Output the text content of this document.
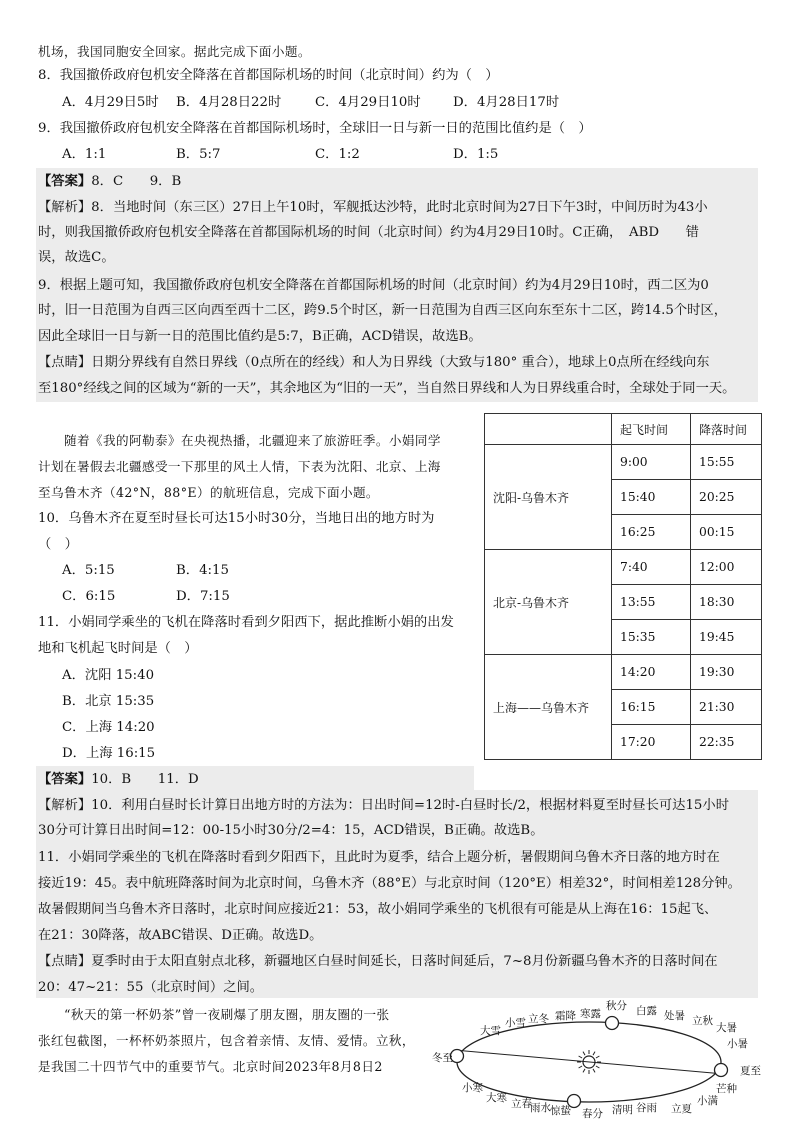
机场，我国同胞安全回家。据此完成下面小题。
8．我国撤侨政府包机安全降落在首都国际机场的时间（北京时间）约为（　）
A．4月29日5时 B．4月28日22时	C．4月29日10时 D．4月28日17时
9．我国撤侨政府包机安全降落在首都国际机场时，全球旧一日与新一日的范围比值约是（　）
A．1:1	B．5:7	C．1:2	D．1:5
【答案】8．C　　9．B
【解析】8．当地时间（东三区）27日上午10时，军舰抵达沙特，此时北京时间为27日下午3时，中间历时为43小
时，则我国撤侨政府包机安全降落在首都国际机场的时间（北京时间）约为4月29日10时。C正确，　ABD　　错
误，故选C。
9．根据上题可知，我国撤侨政府包机安全降落在首都国际机场的时间（北京时间）约为4月29日10时，西二区为0
时，旧一日范围为自西三区向西至西十二区，跨9.5个时区，新一日范围为自西三区向东至东十二区，跨14.5个时区，
因此全球旧一日与新一日的范围比值约是5:7，B正确，ACD错误，故选B。
【点睛】日期分界线有自然日界线（0点所在的经线）和人为日界线（大致与180° 重合），地球上0点所在经线向东
至180°经线之间的区域为“新的一天”，其余地区为“旧的一天”，当自然日界线和人为日界线重合时，全球处于同一天。
随着《我的阿勒泰》在央视热播，北疆迎来了旅游旺季。小娟同学
计划在暑假去北疆感受一下那里的风土人情，下表为沈阳、北京、上海
至乌鲁木齐（42°N，88°E）的航班信息，完成下面小题。
10．乌鲁木齐在夏至时昼长可达15小时30分，当地日出的地方时为
（　）
A．5:15	B．4:15
C．6:15	D．7:15
11．小娟同学乘坐的飞机在降落时看到夕阳西下，据此推断小娟的出发
地和飞机起飞时间是（　）
A．沈阳 15:40
B．北京 15:35
C．上海 14:20
D．上海 16:15
	起飞时间	降落时间
沈阳-乌鲁木齐	9:00	15:55
	15:40	20:25
	16:25	00:15
北京-乌鲁木齐	7:40	12:00
	13:55	18:30
	15:35	19:45
上海——乌鲁木齐	14:20	19:30
	16:15	21:30
	17:20	22:35
【答案】10．B　　11．D
【解析】10．利用白昼时长计算日出地方时的方法为：日出时间=12时-白昼时长/2，根据材料夏至时昼长可达15小时
30分可计算日出时间=12：00-15小时30分/2=4：15，ACD错误，B正确。故选B。
11．小娟同学乘坐的飞机在降落时看到夕阳西下，且此时为夏季，结合上题分析，暑假期间乌鲁木齐日落的地方时在
接近19：45。表中航班降落时间为北京时间，乌鲁木齐（88°E）与北京时间（120°E）相差32°，时间相差128分钟。
故暑假期间当乌鲁木齐日落时，北京时间应接近21：53，故小娟同学乘坐的飞机很有可能是从上海在16：15起飞、
在21：30降落，故ABC错误、D正确。故选D。
【点睛】夏季时由于太阳直射点北移，新疆地区白昼时间延长，日落时间延后，7~8月份新疆乌鲁木齐的日落时间在
20：47~21：55（北京时间）之间。
“秋天的第一杯奶茶”曾一夜刷爆了朋友圈，朋友圈的一张
张红包截图，一杯杯奶茶照片，包含着亲情、友情、爱情。立秋，
是我国二十四节气中的重要节气。北京时间2023年8月8日2
秋分 白露 处暑 立秋
大暑
小暑
夏至
芒种
小满
立夏
谷雨
清明
春分
惊蛰
雨水
立春
大寒
小寒
冬至
大雪
小雪 立冬 霜降 寒露
